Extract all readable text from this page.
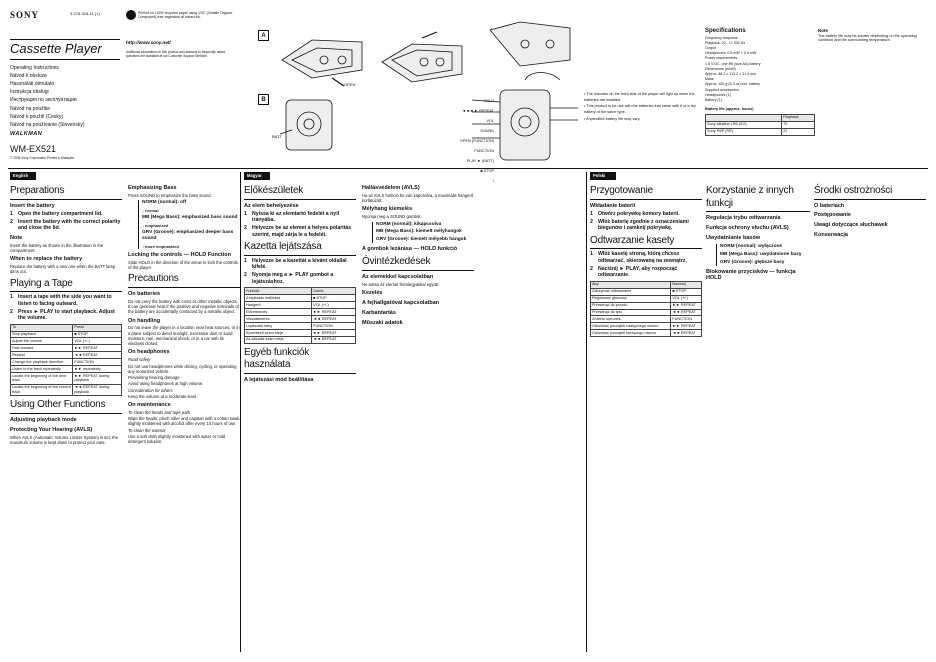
SONY	3-278-318-11 (1)
Cassette Player
Operating Instructions
Návod k obsluze
Használati útmutató
Instrukcja obsługi
Инструкция по эксплуатации
Návod na použitie
Návod k použití (Cesky)
Návod na používanie (Slovensky)
WALKMAN
WM-EX521
© 2005 Sony Corporation Printed in Malaysia
Printed on 100% recycled paper using VOC (Volatile Organic Compound)-free vegetable oil based ink.
http://www.sony.net/
Additional information on this product and answers to frequently asked questions are available at our Customer Support Website.
A
OPEN
B
BATT
HOLD
◄◄/►► REPEAT
VOL
SOUND
OPEN (FUNCTION)
FUNCTION
PLAY ► (BATT)
■ STOP
i
• The indicator on the front side of the player will light up when the batteries are installed.
• This product is for use with the batteries that came with it or a dry battery of the same type.
• A specified battery life may vary.
Specifications
Frequency response
Playback: 20 - 17 000 Hz
Output
Headphones: 0.5 mW + 0.5 mW
Power requirements
1.5 V DC, one R6 (size AA) battery
Dimensions (w/h/d)
Approx. 88.3 × 113.2 × 31.0 mm
Mass
Approx. 150 g (5.3 oz) incl. battery
Supplied accessories
Headphones (1)
Battery (1)
Battery life (approx. hours)
	Playback
Sony alkaline LR6 (SG)	70
Sony R6P (SR)	22
Note
The battery life may be shorter depending on the operating condition and the surrounding temperature.
English
Preparations
Insert the battery
1 Open the battery compartment lid.
2 Insert the battery with the correct polarity and close the lid.
Note
Insert the battery as shown in the illustration in the compartment.
When to replace the battery
Replace the battery with a new one when the BATT lamp dims out.
Playing a Tape
1 Insert a tape with the side you want to listen to facing outward.
2 Press ► PLAY to start playback. Adjust the volume.
To	Press
Stop playback	■ STOP
Adjust the volume	VOL (+/-)
Fast-forward	►► REPEAT
Rewind	◄◄ REPEAT
Change the playback direction	FUNCTION
Listen to the track repeatedly	►► repeatedly
Locate the beginning of the next track	►► REPEAT during playback
Locate the beginning of the current track	◄◄ REPEAT during playback
Using Other Functions
Adjusting playback mode
Protecting Your Hearing (AVLS)
When AVLS (Automatic Volume Limiter System) is set, the maximum volume is kept down to protect your ears.
Emphasizing Bass
Press SOUND to emphasize the bass sound.
NORM (normal): off
↓ normal
MB (Mega Bass): emphasized bass sound
↓ emphasized
GRV (Groove): emphasized deeper bass sound
↓ more emphasized
Locking the controls — HOLD Function
Slide HOLD in the direction of the arrow to lock the controls of the player.
Precautions
On batteries
Do not carry the battery with coins or other metallic objects. It can generate heat if the positive and negative terminals of the battery are accidentally contacted by a metallic object.
On handling
Do not leave the player in a location near heat sources, or in a place subject to direct sunlight, excessive dust or sand, moisture, rain, mechanical shock, or in a car with its windows closed.
On headphones
Road safety
Do not use headphones while driving, cycling, or operating any motorized vehicle.
Preventing hearing damage
Avoid using headphones at high volume.
Consideration for others
Keep the volume at a moderate level.
On maintenance
To clean the heads and tape path
Wipe the heads, pinch roller and capstan with a cotton swab slightly moistened with alcohol after every 10 hours of use.
To clean the exterior
Use a soft cloth slightly moistened with water or mild detergent solution.
Magyar
Előkészületek
Az elem behelyezése
1 Nyissa ki az elemtartó fedelét a nyíl irányába.
2 Helyezze be az elemet a helyes polaritás szerint, majd zárja le a fedelét.
Kazetta lejátszása
1 Helyezze be a kazettát a kívánt oldallal kifelé.
2 Nyomja meg a ► PLAY gombot a lejátszáshoz.
Funkció	Gomb
A lejátszás leállítása	■ STOP
Hangerő	VOL (+/-)
Előretekerés	►► REPEAT
Visszatekerés	◄◄ REPEAT
Lejátszási irány	FUNCTION
Következő szám eleje	►► REPEAT
Az aktuális szám eleje	◄◄ REPEAT
Egyéb funkciók használata
A lejátszási mód beállítása
Hallásvédelem (AVLS)
Ha az AVLS funkció be van kapcsolva, a maximális hangerő korlátozott.
Mélyhang kiemelés
Nyomja meg a SOUND gombot.
NORM (normál): kikapcsolva
MB (Mega Bass): kiemelt mélyhangok
GRV (Groove): kiemelt mélyebb hangok
A gombok lezárása — HOLD funkció
Óvintézkedések
Az elemekkel kapcsolatban
Ne tartsa az elemet fémtárgyakkal együtt.
Kezelés
A fejhallgatóval kapcsolatban
Karbantartás
Műszaki adatok
Polski
Przygotowanie
Wkładanie baterii
1 Otwórz pokrywkę komory baterii.
2 Włóż baterię zgodnie z oznaczeniami biegunów i zamknij pokrywkę.
Odtwarzanie kasety
1 Włóż kasetę stroną, którą chcesz odtwarzać, skierowaną na zewnątrz.
2 Naciśnij ► PLAY, aby rozpocząć odtwarzanie.
Aby	Naciśnij
Zatrzymać odtwarzanie	■ STOP
Regulować głośność	VOL (+/-)
Przewinąć do przodu	►► REPEAT
Przewinąć do tyłu	◄◄ REPEAT
Zmienić kierunek	FUNCTION
Odszukać początek następnego utworu	►► REPEAT
Odszukać początek bieżącego utworu	◄◄ REPEAT
Korzystanie z innych funkcji
Regulacja trybu odtwarzania
Funkcja ochrony słuchu (AVLS)
Uwydatnianie basów
NORM (normal): wyłączone
MB (Mega Bass): uwydatnione basy
GRV (Groove): głębsze basy
Blokowanie przycisków — funkcja HOLD
Środki ostrożności
O bateriach
Postępowanie
Uwagi dotyczące słuchawek
Konserwacja
